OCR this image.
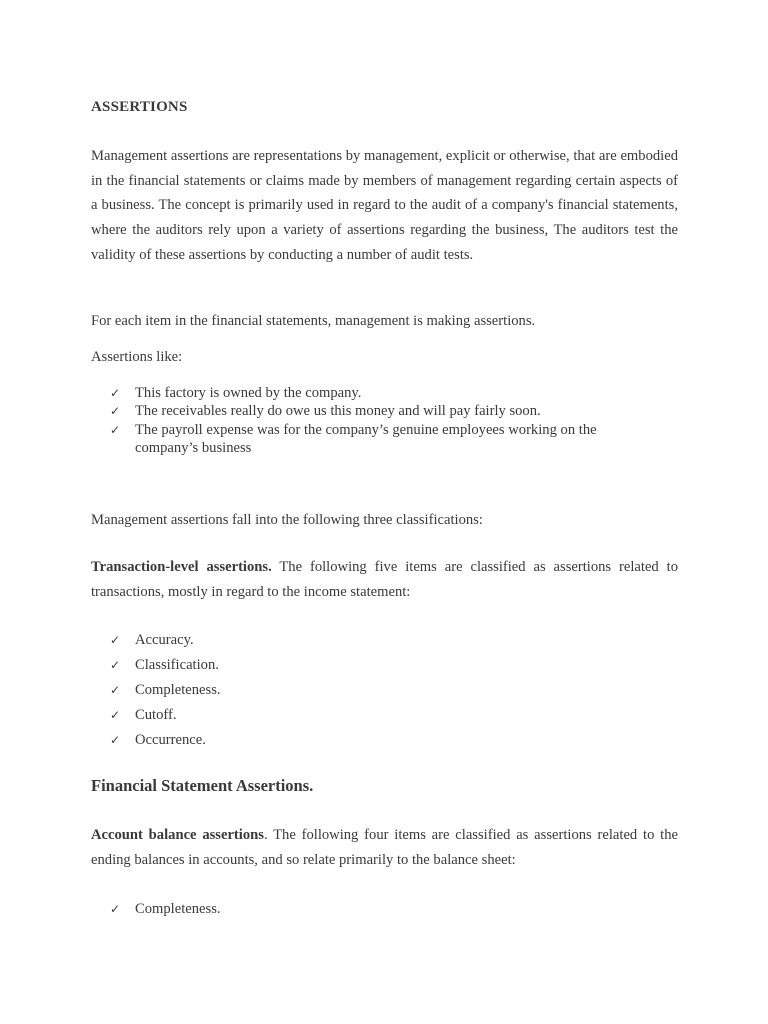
ASSERTIONS

Management assertions are representations by management, explicit or otherwise, that are embodied in the financial statements or claims made by members of management regarding certain aspects of a business. The concept is primarily used in regard to the audit of a company's financial statements, where the auditors rely upon a variety of assertions regarding the business, The auditors test the validity of these assertions by conducting a number of audit tests.

For each item in the financial statements, management is making assertions.

Assertions like:

✓ This factory is owned by the company.
✓ The receivables really do owe us this money and will pay fairly soon.
✓ The payroll expense was for the company’s genuine employees working on the company’s business

Management assertions fall into the following three classifications:

Transaction-level assertions. The following five items are classified as assertions related to transactions, mostly in regard to the income statement:

✓ Accuracy.
✓ Classification.
✓ Completeness.
✓ Cutoff.
✓ Occurrence.
Financial Statement Assertions.

Account balance assertions. The following four items are classified as assertions related to the ending balances in accounts, and so relate primarily to the balance sheet:

✓ Completeness.
